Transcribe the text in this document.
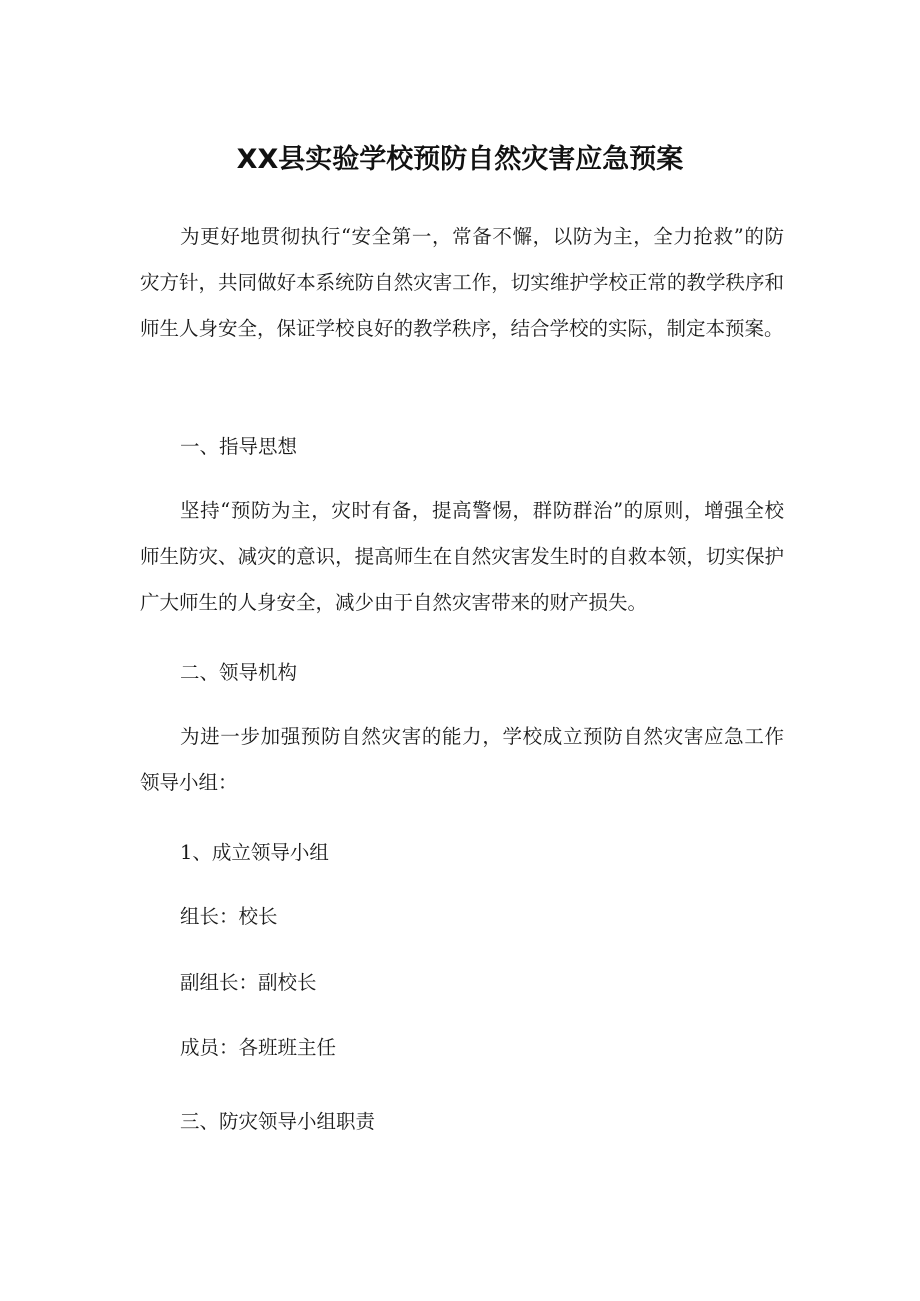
XX县实验学校预防自然灾害应急预案

为更好地贯彻执行“安全第一，常备不懈，以防为主，全力抢救”的防灾方针，共同做好本系统防自然灾害工作，切实维护学校正常的教学秩序和师生人身安全，保证学校良好的教学秩序，结合学校的实际，制定本预案。

一、指导思想

坚持“预防为主，灾时有备，提高警惕，群防群治”的原则，增强全校师生防灾、减灾的意识，提高师生在自然灾害发生时的自救本领，切实保护广大师生的人身安全，减少由于自然灾害带来的财产损失。

二、领导机构

为进一步加强预防自然灾害的能力，学校成立预防自然灾害应急工作领导小组：

1、成立领导小组

组长：校长

副组长：副校长

成员：各班班主任

三、防灾领导小组职责
